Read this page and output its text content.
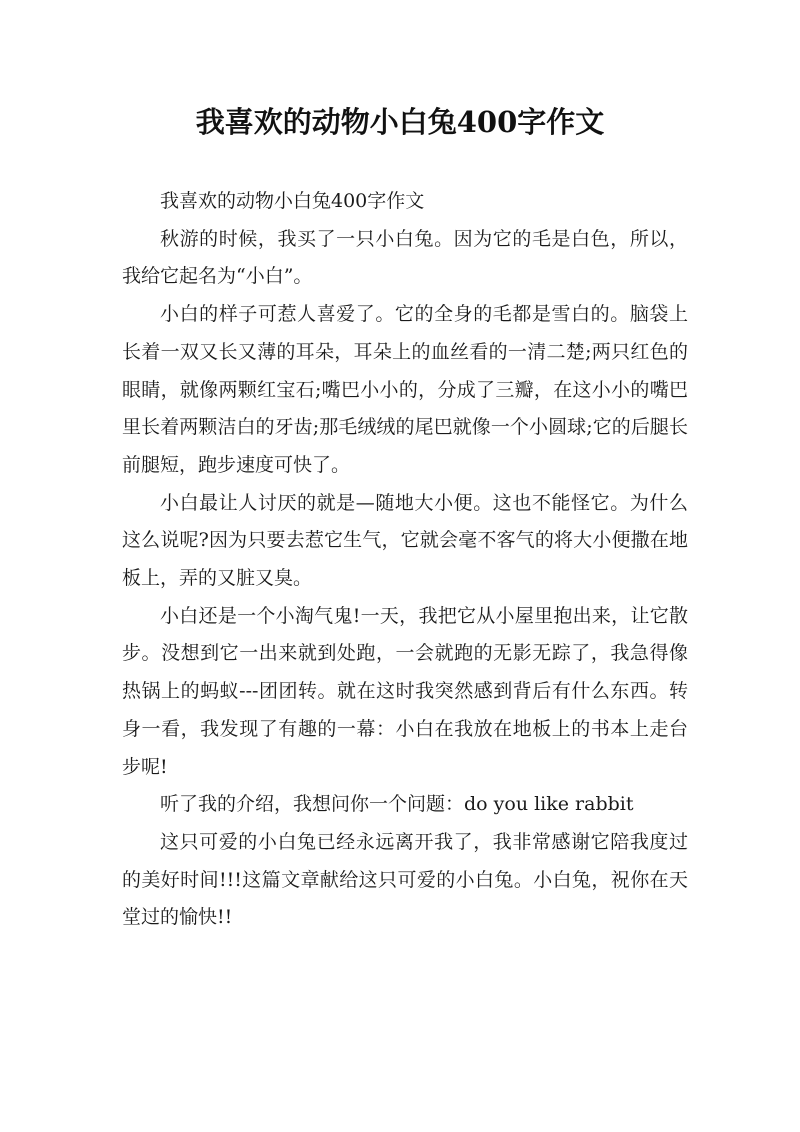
我喜欢的动物小白兔400字作文

我喜欢的动物小白兔400字作文

秋游的时候，我买了一只小白兔。因为它的毛是白色，所以，我给它起名为“小白”。

小白的样子可惹人喜爱了。它的全身的毛都是雪白的。脑袋上长着一双又长又薄的耳朵，耳朵上的血丝看的一清二楚;两只红色的眼睛，就像两颗红宝石;嘴巴小小的，分成了三瓣，在这小小的嘴巴里长着两颗洁白的牙齿;那毛绒绒的尾巴就像一个小圆球;它的后腿长前腿短，跑步速度可快了。

小白最让人讨厌的就是—随地大小便。这也不能怪它。为什么这么说呢?因为只要去惹它生气，它就会毫不客气的将大小便撒在地板上，弄的又脏又臭。

小白还是一个小淘气鬼!一天，我把它从小屋里抱出来，让它散步。没想到它一出来就到处跑，一会就跑的无影无踪了，我急得像热锅上的蚂蚁---团团转。就在这时我突然感到背后有什么东西。转身一看，我发现了有趣的一幕：小白在我放在地板上的书本上走台步呢!

听了我的介绍，我想问你一个问题：do you like rabbit

这只可爱的小白兔已经永远离开我了，我非常感谢它陪我度过的美好时间!!!这篇文章献给这只可爱的小白兔。小白兔，祝你在天堂过的愉快!!
